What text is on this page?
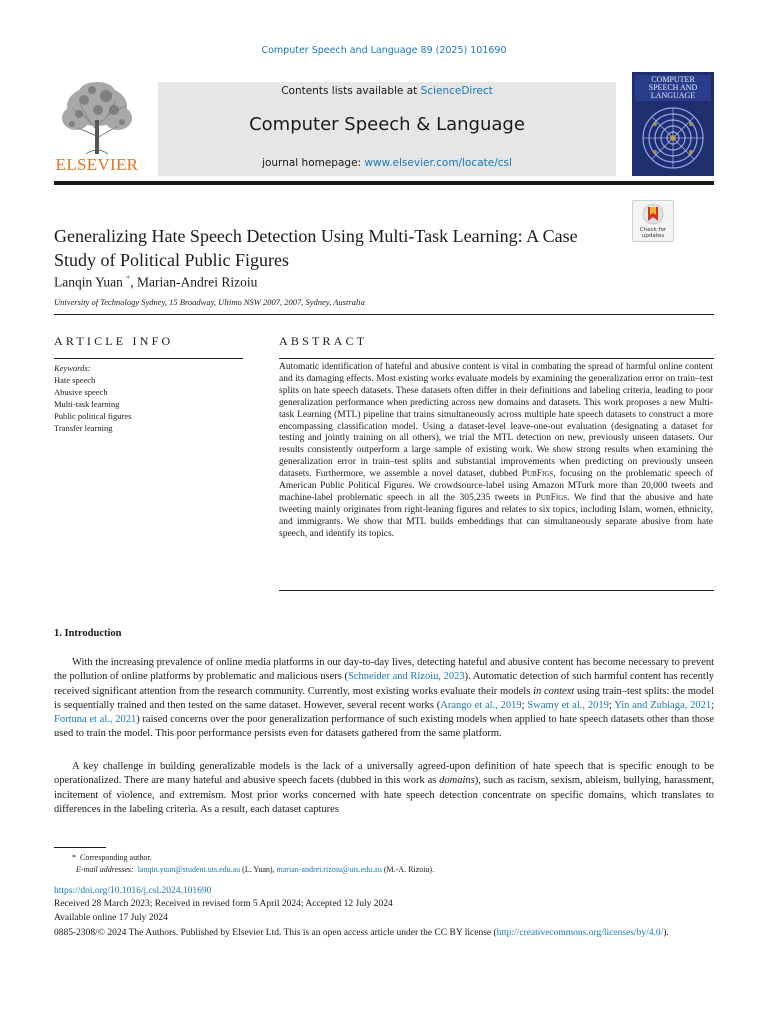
Computer Speech and Language 89 (2025) 101690
ELSEVIER
Contents lists available at ScienceDirect
Computer Speech & Language
journal homepage: www.elsevier.com/locate/csl
COMPUTER SPEECH AND LANGUAGE
Check for updates
Generalizing Hate Speech Detection Using Multi-Task Learning: A Case Study of Political Public Figures
Lanqin Yuan *, Marian-Andrei Rizoiu
University of Technology Sydney, 15 Broadway, Ultimo NSW 2007, 2007, Sydney, Australia
ARTICLE INFO
Keywords:
Hate speech
Abusive speech
Multi-task learning
Public political figures
Transfer learning
ABSTRACT
Automatic identification of hateful and abusive content is vital in combating the spread of harmful online content and its damaging effects. Most existing works evaluate models by examining the generalization error on train–test splits on hate speech datasets. These datasets often differ in their definitions and labeling criteria, leading to poor generalization performance when predicting across new domains and datasets. This work proposes a new Multi-task Learning (MTL) pipeline that trains simultaneously across multiple hate speech datasets to construct a more encompassing classification model. Using a dataset-level leave-one-out evaluation (designating a dataset for testing and jointly training on all others), we trial the MTL detection on new, previously unseen datasets. Our results consistently outperform a large sample of existing work. We show strong results when examining the generalization error in train–test splits and substantial improvements when predicting on previously unseen datasets. Furthermore, we assemble a novel dataset, dubbed PubFigs, focusing on the problematic speech of American Public Political Figures. We crowdsource-label using Amazon MTurk more than 20,000 tweets and machine-label problematic speech in all the 305,235 tweets in PubFigs. We find that the abusive and hate tweeting mainly originates from right-leaning figures and relates to six topics, including Islam, women, ethnicity, and immigrants. We show that MTL builds embeddings that can simultaneously separate abusive from hate speech, and identify its topics.
1. Introduction
With the increasing prevalence of online media platforms in our day-to-day lives, detecting hateful and abusive content has become necessary to prevent the pollution of online platforms by problematic and malicious users (Schneider and Rizoiu, 2023). Automatic detection of such harmful content has recently received significant attention from the research community. Currently, most existing works evaluate their models in context using train–test splits: the model is sequentially trained and then tested on the same dataset. However, several recent works (Arango et al., 2019; Swamy et al., 2019; Yin and Zubiaga, 2021; Fortuna et al., 2021) raised concerns over the poor generalization performance of such existing models when applied to hate speech datasets other than those used to train the model. This poor performance persists even for datasets gathered from the same platform.
A key challenge in building generalizable models is the lack of a universally agreed-upon definition of hate speech that is specific enough to be operationalized. There are many hateful and abusive speech facets (dubbed in this work as domains), such as racism, sexism, ableism, bullying, harassment, incitement of violence, and extremism. Most prior works concerned with hate speech detection concentrate on specific domains, which translates to differences in the labeling criteria. As a result, each dataset captures
* Corresponding author.
E-mail addresses: lanqin.yuan@student.uts.edu.au (L. Yuan), marian-andrei.rizoiu@uts.edu.au (M.-A. Rizoiu).
https://doi.org/10.1016/j.csl.2024.101690
Received 28 March 2023; Received in revised form 5 April 2024; Accepted 12 July 2024
Available online 17 July 2024
0885-2308/© 2024 The Authors. Published by Elsevier Ltd. This is an open access article under the CC BY license (http://creativecommons.org/licenses/by/4.0/).
